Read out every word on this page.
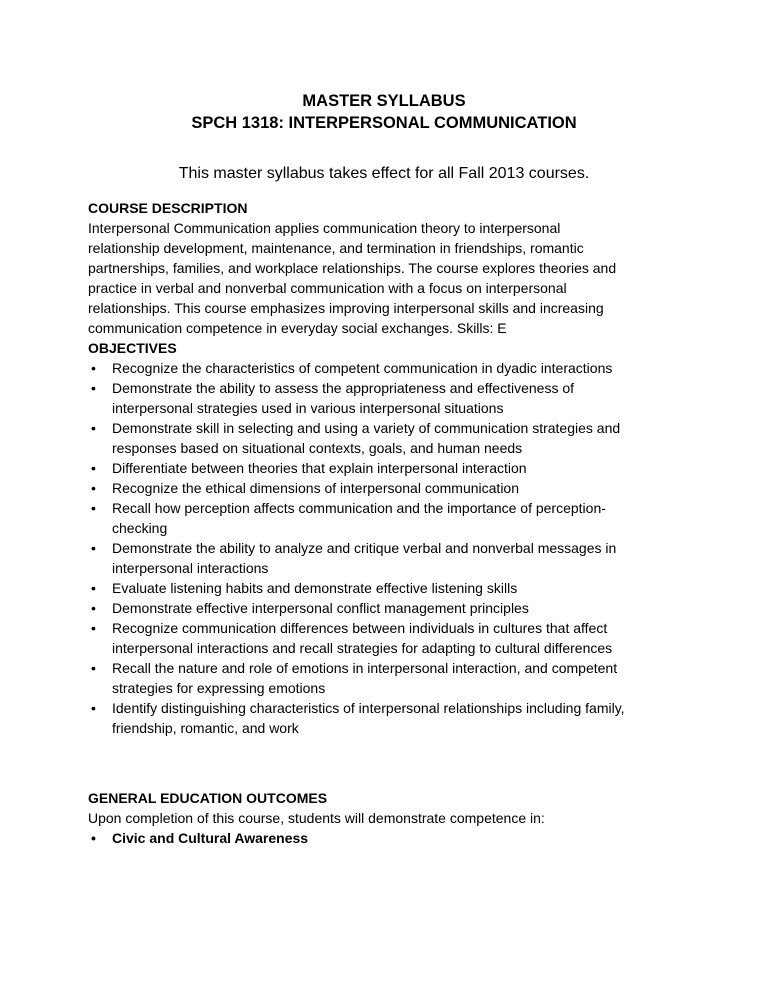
MASTER SYLLABUS

SPCH 1318: INTERPERSONAL COMMUNICATION

This master syllabus takes effect for all Fall 2013 courses.

COURSE DESCRIPTION

Interpersonal Communication applies communication theory to interpersonal

relationship development, maintenance, and termination in friendships, romantic

partnerships, families, and workplace relationships. The course explores theories and

practice in verbal and nonverbal communication with a focus on interpersonal

relationships. This course emphasizes improving interpersonal skills and increasing

communication competence in everyday social exchanges. Skills: E

OBJECTIVES

• Recognize the characteristics of competent communication in dyadic interactions
• Demonstrate the ability to assess the appropriateness and effectiveness of
interpersonal strategies used in various interpersonal situations
• Demonstrate skill in selecting and using a variety of communication strategies and
responses based on situational contexts, goals, and human needs
• Differentiate between theories that explain interpersonal interaction
• Recognize the ethical dimensions of interpersonal communication
• Recall how perception affects communication and the importance of perception-
checking
• Demonstrate the ability to analyze and critique verbal and nonverbal messages in
interpersonal interactions
• Evaluate listening habits and demonstrate effective listening skills
• Demonstrate effective interpersonal conflict management principles
• Recognize communication differences between individuals in cultures that affect
interpersonal interactions and recall strategies for adapting to cultural differences
• Recall the nature and role of emotions in interpersonal interaction, and competent
strategies for expressing emotions
• Identify distinguishing characteristics of interpersonal relationships including family,
friendship, romantic, and work

GENERAL EDUCATION OUTCOMES

Upon completion of this course, students will demonstrate competence in:

• Civic and Cultural Awareness
